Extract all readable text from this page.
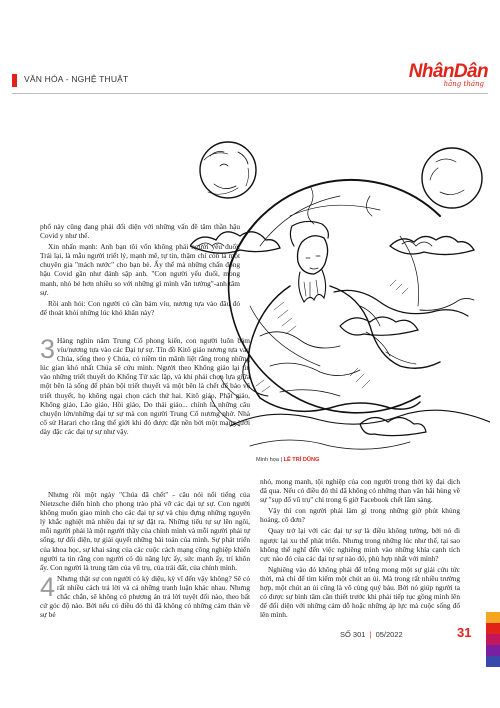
VĂN HÓA - NGHỆ THUẬT	NhânDân
hằng tháng
Minh họa | LÊ TRÍ DŨNG

phổ này cũng đang phải đối diện với những vấn đề tâm thần hậu Covid y như thế.

Xin nhấn mạnh: Anh bạn tôi vốn không phải người yếu đuối. Trái lại, là mẫu người triết lý, mạnh mẽ, tự tin, thậm chí còn là một chuyên gia "mách nước" cho bạn bè. Ấy thế mà những chấn động hậu Covid gần như đánh sập anh. "Con người yếu đuối, mong manh, nhỏ bé hơn nhiều so với những gì mình vẫn tưởng"-anh tâm sự.

Rồi anh hỏi: Con người có cần bám víu, nương tựa vào đâu đó để thoát khỏi những lúc khó khăn này?

3 Hàng nghìn năm Trung Cổ phong kiến, con người luôn bám víu/nương tựa vào các Đại tự sự. Tín đồ Kitô giáo nương tựa vào Chúa, sống theo ý Chúa, có niềm tin mãnh liệt rằng trong những lúc gian khó nhất Chúa sẽ cứu mình. Người theo Khổng giáo lại tin vào những triết thuyết do Khổng Tử xác lập, và khi phải chọn lựa giữa một bên là sống để phản bội triết thuyết và một bên là chết để bảo vệ triết thuyết, họ không ngại chọn cách thứ hai. Kitô giáo, Phật giáo, Khổng giáo, Lão giáo, Hồi giáo, Do thái giáo... chính là những câu chuyện lớn/những đại tự sự mà con người Trung Cổ nương nhờ. Nhà cổ sử Harari cho rằng thế giới khi đó được đặt nền bởi một mạng lưới dày đặc các đại tự sự như vậy.

Nhưng rồi một ngày "Chúa đã chết" - câu nói nổi tiếng của Nietzsche điển hình cho phong trào phá vỡ các đại tự sự. Con người không muốn giao mình cho các đại tự sự và chịu đựng những nguyên lý khắc nghiệt mà nhiều đại tự sự đặt ra. Những tiểu tự sự lên ngôi, mỗi người phải là một người thầy của chính mình và mỗi người phải tự sống, tự đối diện, tự giải quyết những bài toán của mình. Sự phát triển của khoa học, sự khai sáng của các cuộc cách mạng công nghiệp khiến người ta tin rằng con người có đủ năng lực ấy, sức mạnh ấy, trí khôn ấy. Con người là trung tâm của vũ trụ, của trái đất, của chính mình.

4 Nhưng thật sự con người có kỳ diệu, kỳ vĩ đến vậy không? Sẽ có rất nhiều cách trả lời và cả những tranh luận khác nhau. Nhưng chắc chắn, sẽ không có phương án trả lời tuyệt đối nào, theo bất cứ góc độ nào. Bởi nếu có điều đó thì đã không có những cảm thán về sự bé

nhỏ, mong manh, tội nghiệp của con người trong thời kỳ đại dịch đã qua. Nếu có điều đó thì đã không có những than vãn hãi hùng về sự "sụp đổ vũ trụ" chỉ trong 6 giờ Facebook chết lâm sàng.

Vậy thì con người phải làm gì trong những giờ phút khủng hoảng, cô đơn?

Quay trở lại với các đại tự sự là điều không tưởng, bởi nó đi ngược lại xu thế phát triển. Nhưng trong những lúc như thế, tại sao không thể nghĩ đến việc nghiêng mình vào những khía cạnh tích cực nào đó của các đại tự sự nào đó, phù hợp nhất với mình?

Nghiêng vào đó không phải để trông mong một sự giải cứu tức thời, mà chỉ để tìm kiếm một chút an ủi. Mà trong rất nhiều trường hợp, một chút an ủi cũng là vô cùng quý báu. Bởi nó giúp người ta có được sự bình tâm cần thiết trước khi phải tiếp tục gồng mình lên để đối diện với những cám dỗ hoặc những áp lực mà cuộc sống đổ lên mình.

SỐ 301 | 05/2022	31
